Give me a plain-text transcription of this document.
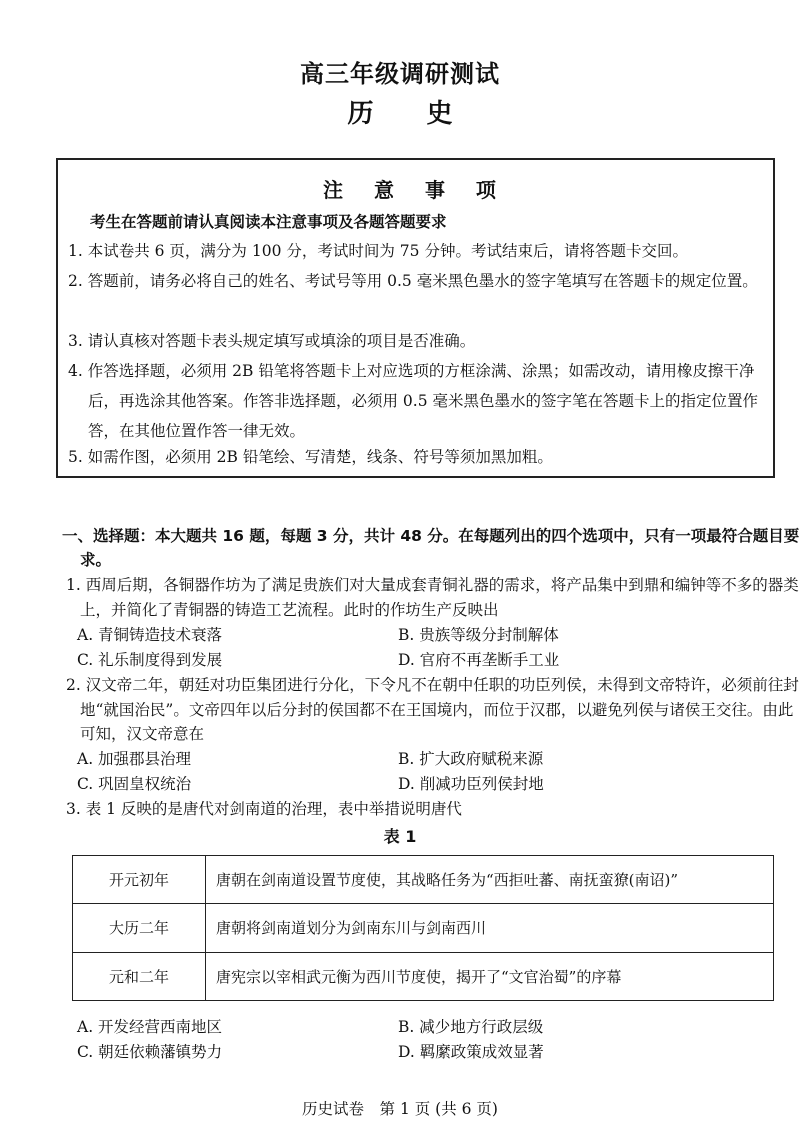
高三年级调研测试
历 史
注 意 事 项
考生在答题前请认真阅读本注意事项及各题答题要求
1. 本试卷共 6 页，满分为 100 分，考试时间为 75 分钟。考试结束后，请将答题卡交回。
2. 答题前，请务必将自己的姓名、考试号等用 0.5 毫米黑色墨水的签字笔填写在答题卡的规定位置。
3. 请认真核对答题卡表头规定填写或填涂的项目是否准确。
4. 作答选择题，必须用 2B 铅笔将答题卡上对应选项的方框涂满、涂黑；如需改动，请用橡皮擦干净后，再选涂其他答案。作答非选择题，必须用 0.5 毫米黑色墨水的签字笔在答题卡上的指定位置作答，在其他位置作答一律无效。
5. 如需作图，必须用 2B 铅笔绘、写清楚，线条、符号等须加黑加粗。
一、选择题：本大题共 16 题，每题 3 分，共计 48 分。在每题列出的四个选项中，只有一项最符合题目要求。
1. 西周后期，各铜器作坊为了满足贵族们对大量成套青铜礼器的需求，将产品集中到鼎和编钟等不多的器类上，并简化了青铜器的铸造工艺流程。此时的作坊生产反映出
A. 青铜铸造技术衰落	B. 贵族等级分封制解体
C. 礼乐制度得到发展	D. 官府不再垄断手工业
2. 汉文帝二年，朝廷对功臣集团进行分化，下令凡不在朝中任职的功臣列侯，未得到文帝特许，必须前往封地“就国治民”。文帝四年以后分封的侯国都不在王国境内，而位于汉郡，以避免列侯与诸侯王交往。由此可知，汉文帝意在
A. 加强郡县治理	B. 扩大政府赋税来源
C. 巩固皇权统治	D. 削减功臣列侯封地
3. 表 1 反映的是唐代对剑南道的治理，表中举措说明唐代
表 1
开元初年	唐朝在剑南道设置节度使，其战略任务为“西拒吐蕃、南抚蛮獠(南诏)”
大历二年	唐朝将剑南道划分为剑南东川与剑南西川
元和二年	唐宪宗以宰相武元衡为西川节度使，揭开了“文官治蜀”的序幕
A. 开发经营西南地区	B. 减少地方行政层级
C. 朝廷依赖藩镇势力	D. 羁縻政策成效显著
历史试卷　第 1 页 (共 6 页)
